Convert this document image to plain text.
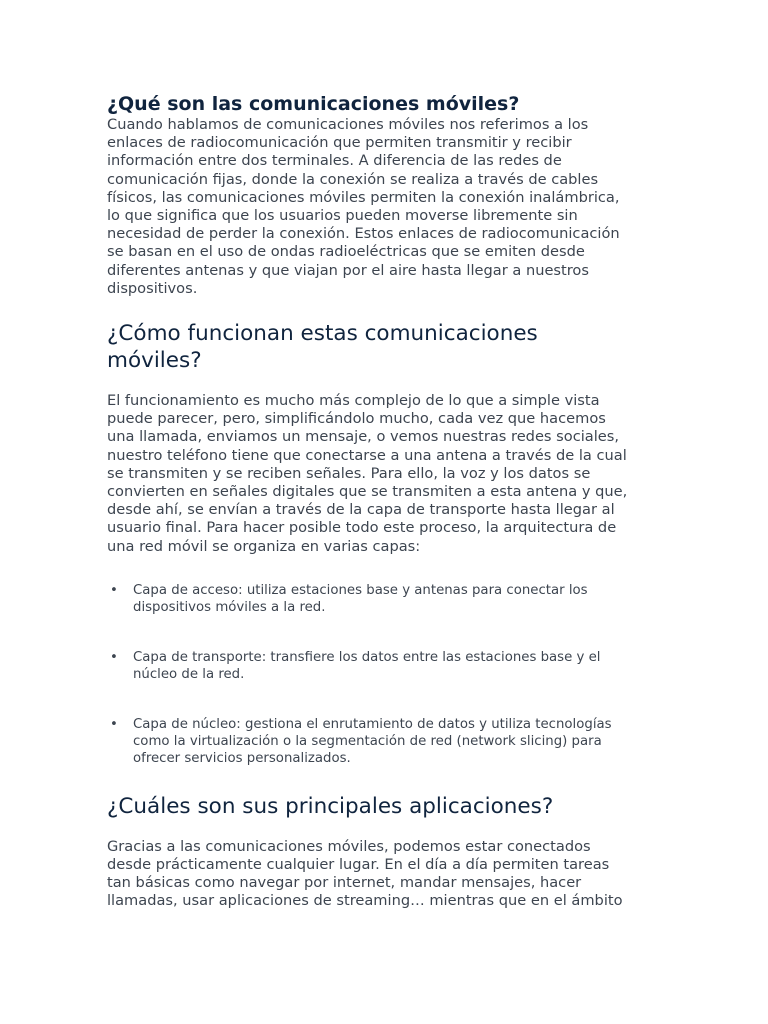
¿Qué son las comunicaciones móviles?

Cuando hablamos de comunicaciones móviles nos referimos a los
enlaces de radiocomunicación que permiten transmitir y recibir
información entre dos terminales. A diferencia de las redes de
comunicación fijas, donde la conexión se realiza a través de cables
físicos, las comunicaciones móviles permiten la conexión inalámbrica,
lo que significa que los usuarios pueden moverse libremente sin
necesidad de perder la conexión. Estos enlaces de radiocomunicación
se basan en el uso de ondas radioeléctricas que se emiten desde
diferentes antenas y que viajan por el aire hasta llegar a nuestros
dispositivos.

¿Cómo funcionan estas comunicaciones
móviles?

El funcionamiento es mucho más complejo de lo que a simple vista
puede parecer, pero, simplificándolo mucho, cada vez que hacemos
una llamada, enviamos un mensaje, o vemos nuestras redes sociales,
nuestro teléfono tiene que conectarse a una antena a través de la cual
se transmiten y se reciben señales. Para ello, la voz y los datos se
convierten en señales digitales que se transmiten a esta antena y que,
desde ahí, se envían a través de la capa de transporte hasta llegar al
usuario final. Para hacer posible todo este proceso, la arquitectura de
una red móvil se organiza en varias capas:

• Capa de acceso: utiliza estaciones base y antenas para conectar los
dispositivos móviles a la red.
• Capa de transporte: transfiere los datos entre las estaciones base y el
núcleo de la red.
• Capa de núcleo: gestiona el enrutamiento de datos y utiliza tecnologías
como la virtualización o la segmentación de red (network slicing) para
ofrecer servicios personalizados.
¿Cuáles son sus principales aplicaciones?

Gracias a las comunicaciones móviles, podemos estar conectados
desde prácticamente cualquier lugar. En el día a día permiten tareas
tan básicas como navegar por internet, mandar mensajes, hacer
llamadas, usar aplicaciones de streaming… mientras que en el ámbito
